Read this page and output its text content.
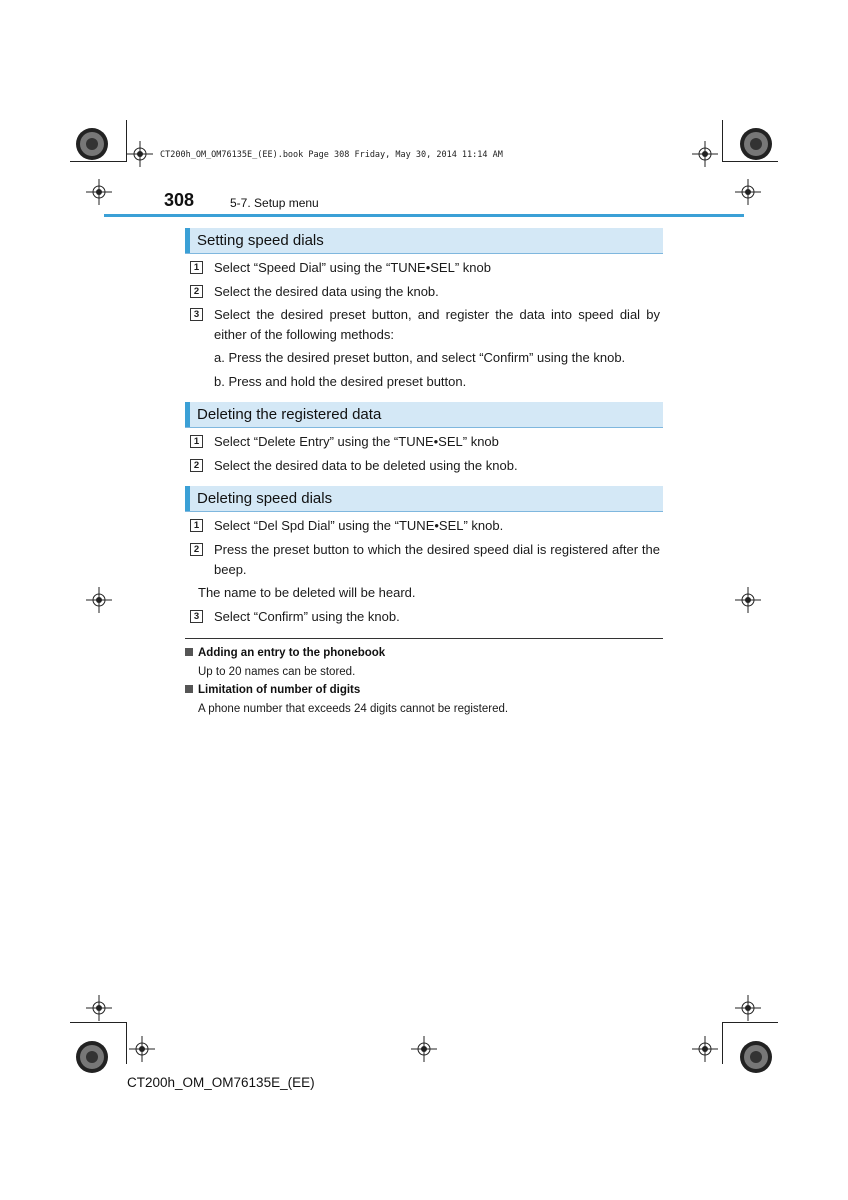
CT200h_OM_OM76135E_(EE).book Page 308 Friday, May 30, 2014 11:14 AM
308	5-7. Setup menu
Setting speed dials
1 Select “Speed Dial” using the “TUNE•SEL” knob
2 Select the desired data using the knob.
3 Select the desired preset button, and register the data into speed dial by either of the following methods:
a. Press the desired preset button, and select “Confirm” using the knob.
b. Press and hold the desired preset button.
Deleting the registered data
1 Select “Delete Entry” using the “TUNE•SEL” knob
2 Select the desired data to be deleted using the knob.
Deleting speed dials
1 Select “Del Spd Dial” using the “TUNE•SEL” knob.
2 Press the preset button to which the desired speed dial is registered after the beep.
The name to be deleted will be heard.
3 Select “Confirm” using the knob.
Adding an entry to the phonebook
Up to 20 names can be stored.
Limitation of number of digits
A phone number that exceeds 24 digits cannot be registered.
CT200h_OM_OM76135E_(EE)
